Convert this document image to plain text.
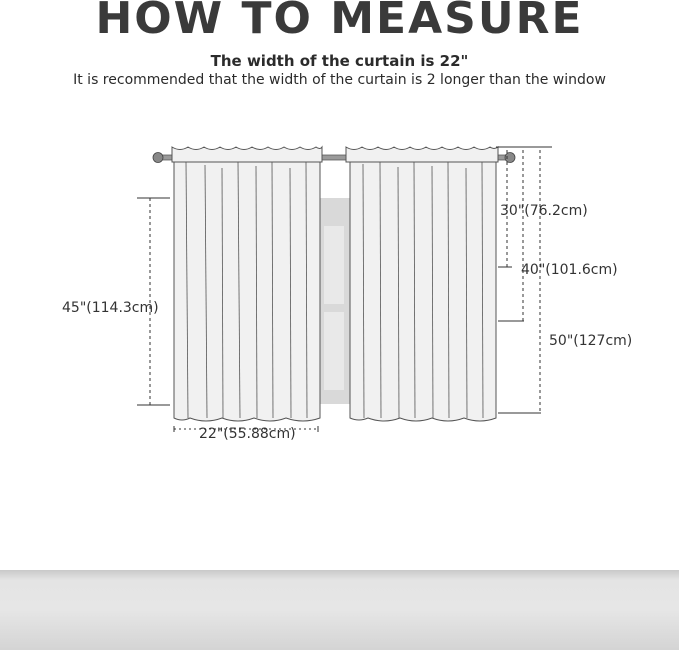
HOW TO MEASURE
The width of the curtain is 22"
It is recommended that the width of the curtain is 2 longer than the window
45"(114.3cm)
22"(55.88cm)
30"(76.2cm)
40"(101.6cm)
50"(127cm)
